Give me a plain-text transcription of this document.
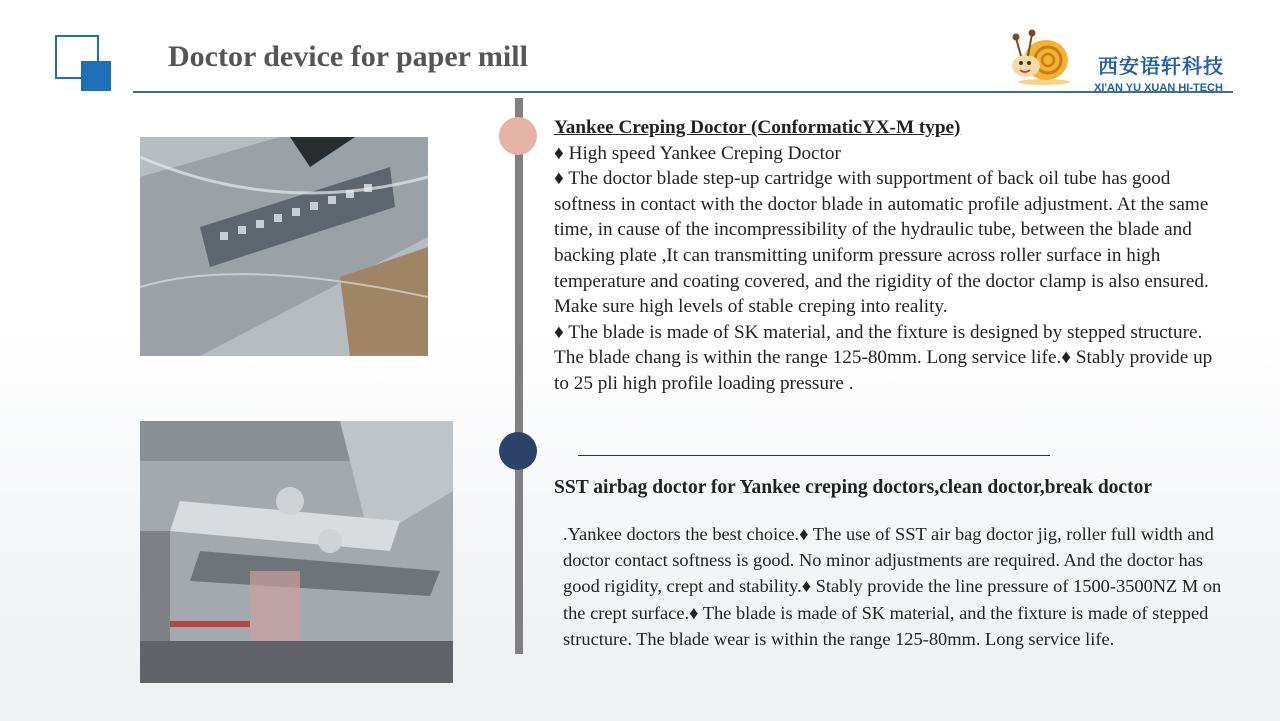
Doctor device for paper mill	西安语轩科技
XI'AN YU XUAN HI-TECH
Yankee Creping Doctor (ConformaticYX-M type)

♦ High speed Yankee Creping Doctor

♦ The doctor blade step-up cartridge with supportment of back oil tube has good softness in contact with the doctor blade in automatic profile adjustment. At the same time, in cause of the incompressibility of the hydraulic tube, between the blade and backing plate ,It can transmitting uniform pressure across roller surface in high temperature and coating covered, and the rigidity of the doctor clamp is also ensured. Make sure high levels of stable creping into reality.

♦ The blade is made of SK material, and the fixture is designed by stepped structure. The blade chang is within the range 125-80mm. Long service life.♦ Stably provide up to 25 pli high profile loading pressure .

SST airbag doctor for Yankee creping doctors,clean doctor,break doctor

.Yankee doctors the best choice.♦ The use of SST air bag doctor jig, roller full width and doctor contact softness is good. No minor adjustments are required. And the doctor has good rigidity, crept and stability.♦ Stably provide the line pressure of 1500-3500NZ M on the crept surface.♦ The blade is made of SK material, and the fixture is made of stepped structure. The blade wear is within the range 125-80mm. Long service life.
